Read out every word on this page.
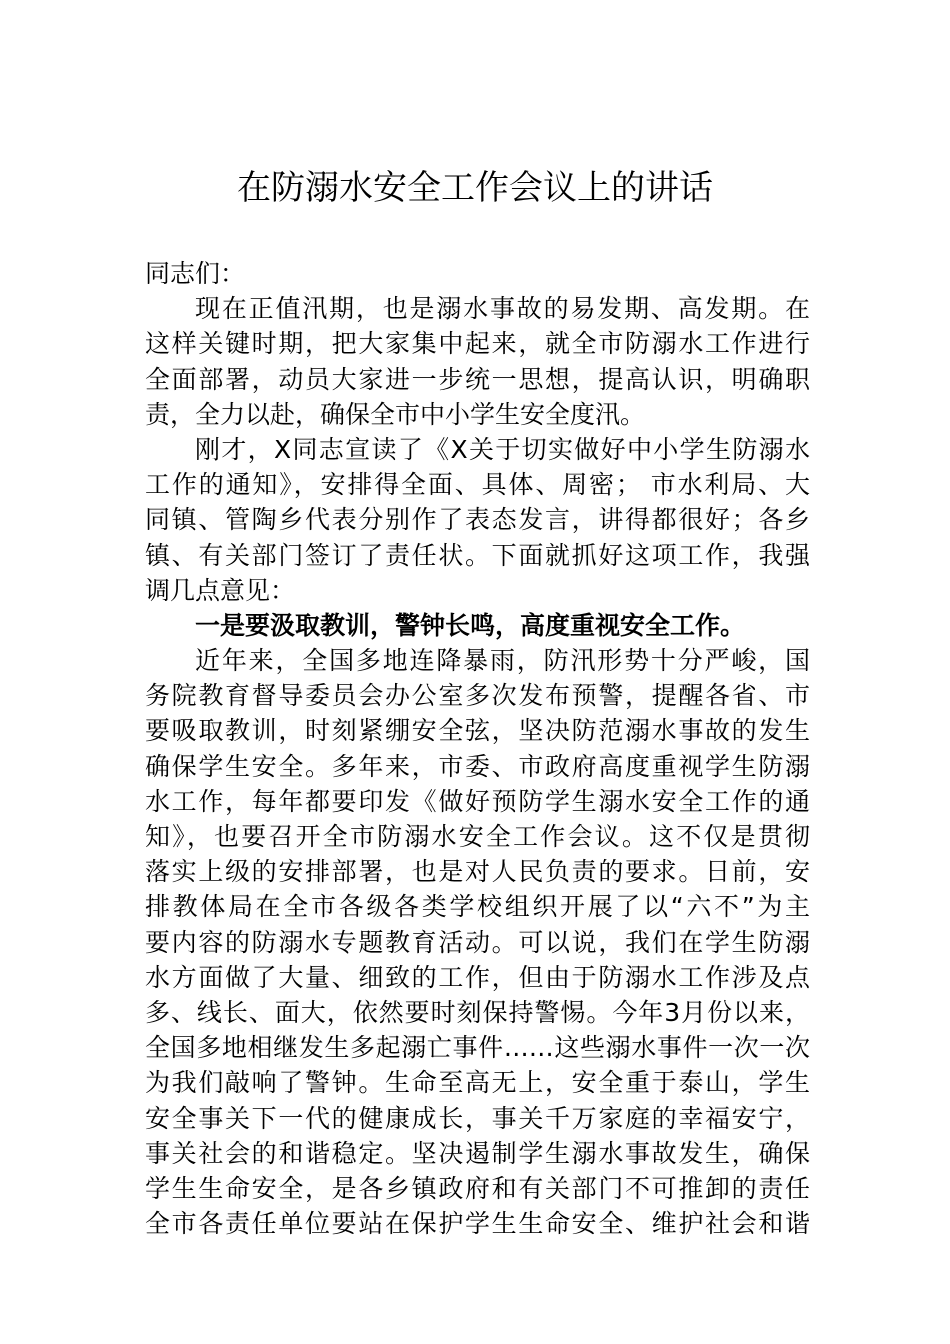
在防溺水安全工作会议上的讲话
同志们：
现在正值汛期，也是溺水事故的易发期、高发期。在
这样关键时期，把大家集中起来，就全市防溺水工作进行
全面部署，动员大家进一步统一思想，提高认识，明确职
责，全力以赴，确保全市中小学生安全度汛。
刚才，X同志宣读了《X关于切实做好中小学生防溺水
工作的通知》，安排得全面、具体、周密； 市水利局、大
同镇、管陶乡代表分别作了表态发言，讲得都很好；各乡
镇、有关部门签订了责任状。下面就抓好这项工作，我强
调几点意见：
一是要汲取教训，警钟长鸣，高度重视安全工作。
近年来，全国多地连降暴雨，防汛形势十分严峻，国
务院教育督导委员会办公室多次发布预警，提醒各省、市
要吸取教训，时刻紧绷安全弦，坚决防范溺水事故的发生
确保学生安全。多年来，市委、市政府高度重视学生防溺
水工作，每年都要印发《做好预防学生溺水安全工作的通
知》，也要召开全市防溺水安全工作会议。这不仅是贯彻
落实上级的安排部署，也是对人民负责的要求。日前，安
排教体局在全市各级各类学校组织开展了以“六不”为主
要内容的防溺水专题教育活动。可以说，我们在学生防溺
水方面做了大量、细致的工作，但由于防溺水工作涉及点
多、线长、面大，依然要时刻保持警惕。今年3月份以来，
全国多地相继发生多起溺亡事件……这些溺水事件一次一次
为我们敲响了警钟。生命至高无上，安全重于泰山，学生
安全事关下一代的健康成长，事关千万家庭的幸福安宁，
事关社会的和谐稳定。坚决遏制学生溺水事故发生，确保
学生生命安全，是各乡镇政府和有关部门不可推卸的责任
全市各责任单位要站在保护学生生命安全、维护社会和谐
